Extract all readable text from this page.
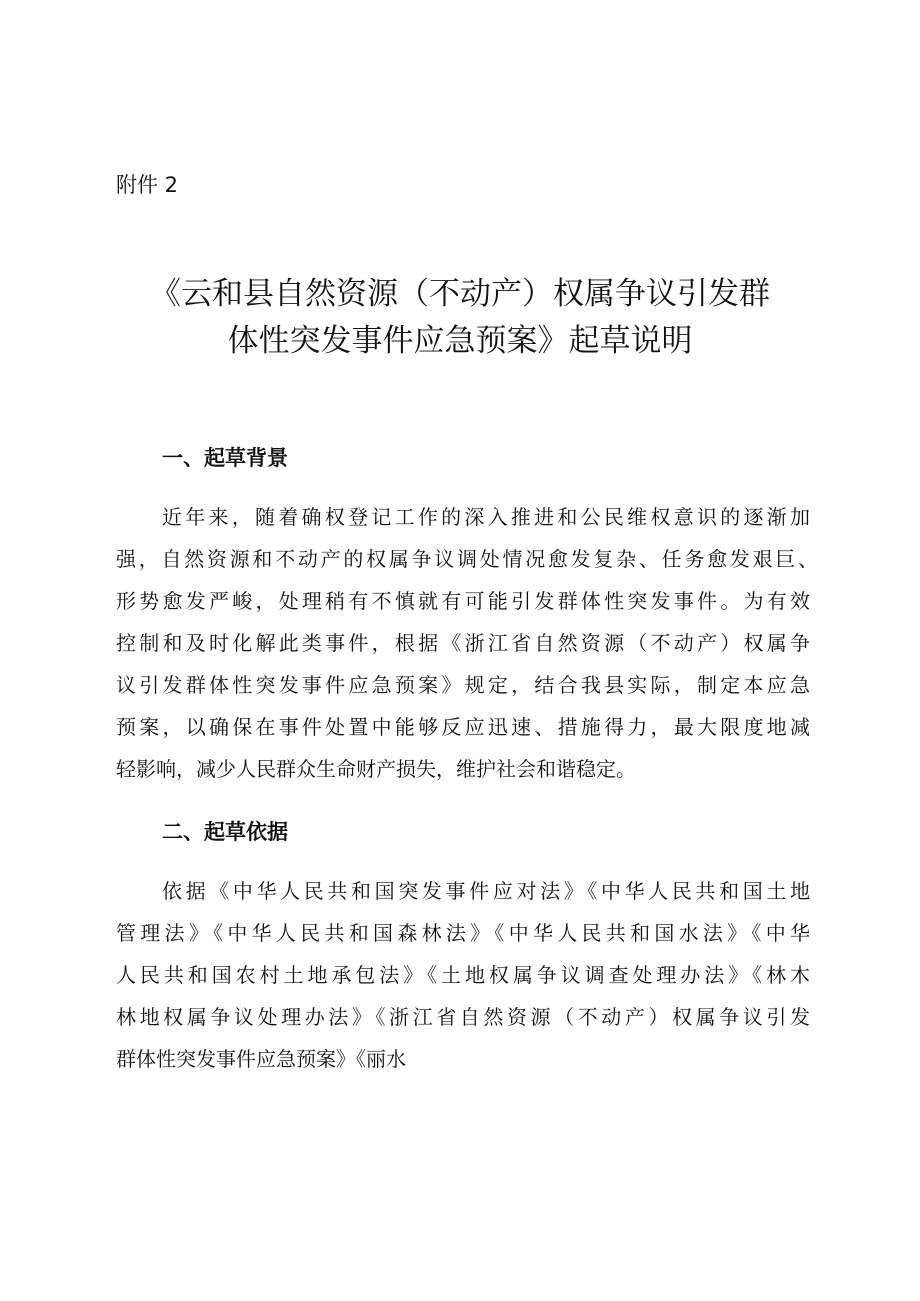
附件 2
《云和县自然资源（不动产）权属争议引发群
体性突发事件应急预案》起草说明
一、起草背景
近年来，随着确权登记工作的深入推进和公民维权意识的逐渐加
强，自然资源和不动产的权属争议调处情况愈发复杂、任务愈发艰巨、
形势愈发严峻，处理稍有不慎就有可能引发群体性突发事件。为有效
控制和及时化解此类事件，根据《浙江省自然资源（不动产）权属争
议引发群体性突发事件应急预案》规定，结合我县实际，制定本应急
预案，以确保在事件处置中能够反应迅速、措施得力，最大限度地减
轻影响，减少人民群众生命财产损失，维护社会和谐稳定。
二、起草依据
依据《中华人民共和国突发事件应对法》《中华人民共和国土地
管理法》《中华人民共和国森林法》《中华人民共和国水法》《中华
人民共和国农村土地承包法》《土地权属争议调查处理办法》《林木
林地权属争议处理办法》《浙江省自然资源（不动产）权属争议引发
群体性突发事件应急预案》《丽水
